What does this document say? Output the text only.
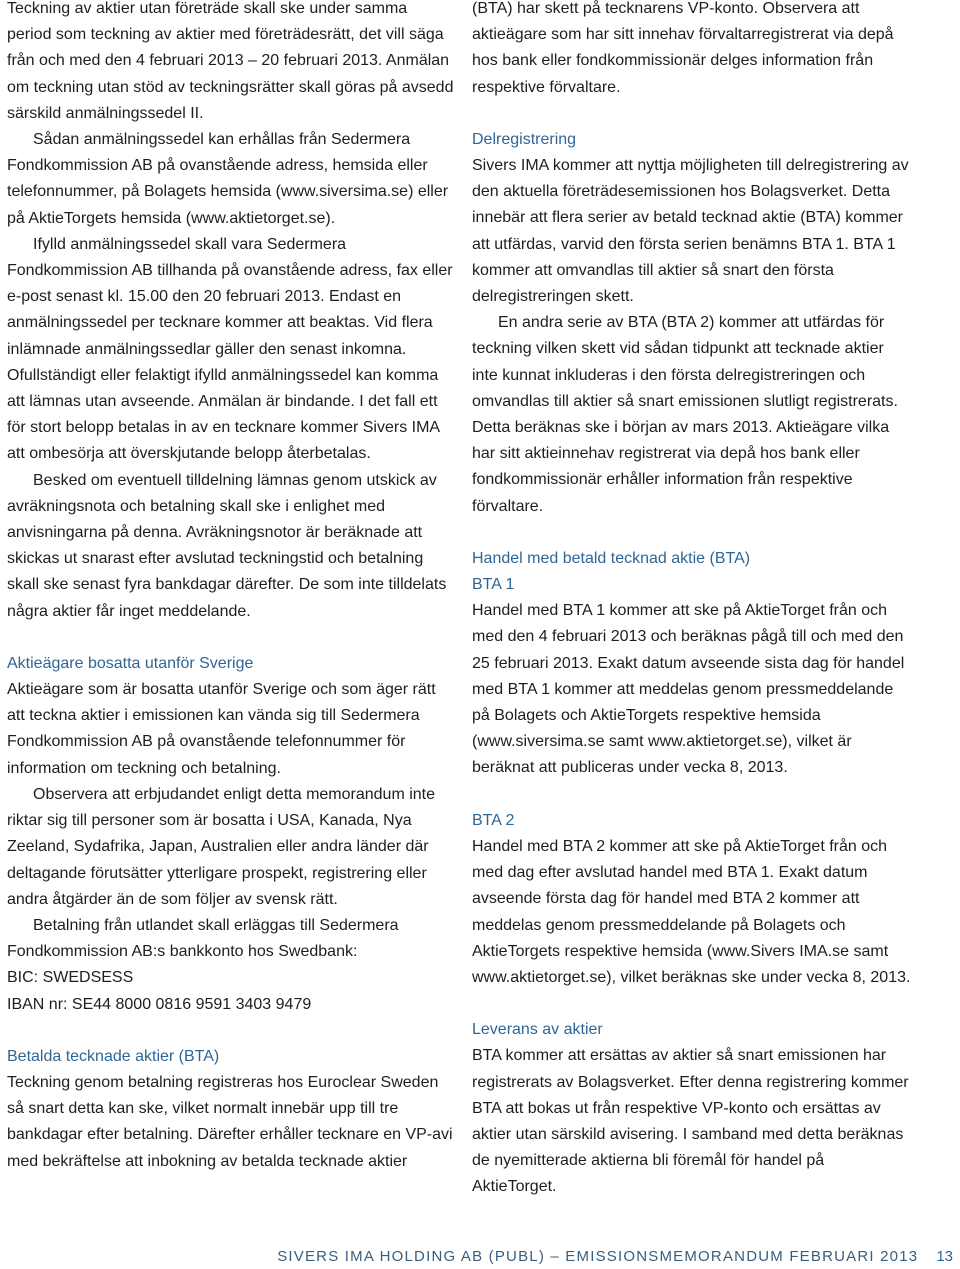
Teckning av aktier utan företräde skall ske under samma period som teckning av aktier med företrädesrätt, det vill säga från och med den 4 februari 2013 – 20 februari 2013. Anmälan om teckning utan stöd av teckningsrätter skall göras på avsedd särskild anmälningssedel II.

Sådan anmälningssedel kan erhållas från Sedermera Fondkommission AB på ovanstående adress, hemsida eller telefonnummer, på Bolagets hemsida (www.siversima.se) eller på AktieTorgets hemsida (www.aktietorget.se).

Ifylld anmälningssedel skall vara Sedermera Fondkommission AB tillhanda på ovanstående adress, fax eller e-post senast kl. 15.00 den 20 februari 2013. Endast en anmälningssedel per tecknare kommer att beaktas. Vid flera inlämnade anmälningssedlar gäller den senast inkomna. Ofullständigt eller felaktigt ifylld anmälningssedel kan komma att lämnas utan avseende. Anmälan är bindande. I det fall ett för stort belopp betalas in av en tecknare kommer Sivers IMA att ombesörja att överskjutande belopp återbetalas.

Besked om eventuell tilldelning lämnas genom utskick av avräkningsnota och betalning skall ske i enlighet med anvisningarna på denna. Avräkningsnotor är beräknade att skickas ut snarast efter avslutad teckningstid och betalning skall ske senast fyra bankdagar därefter. De som inte tilldelats några aktier får inget meddelande.

Aktieägare bosatta utanför Sverige

Aktieägare som är bosatta utanför Sverige och som äger rätt att teckna aktier i emissionen kan vända sig till Sedermera Fondkommission AB på ovanstående telefonnummer för information om teckning och betalning.

Observera att erbjudandet enligt detta memorandum inte riktar sig till personer som är bosatta i USA, Kanada, Nya Zeeland, Sydafrika, Japan, Australien eller andra länder där deltagande förutsätter ytterligare prospekt, registrering eller andra åtgärder än de som följer av svensk rätt.

Betalning från utlandet skall erläggas till Sedermera Fondkommission AB:s bankkonto hos Swedbank:

BIC: SWEDSESS

IBAN nr: SE44 8000 0816 9591 3403 9479

Betalda tecknade aktier (BTA)

Teckning genom betalning registreras hos Euroclear Sweden så snart detta kan ske, vilket normalt innebär upp till tre bankdagar efter betalning. Därefter erhåller tecknare en VP-avi med bekräftelse att inbokning av betalda tecknade aktier

(BTA) har skett på tecknarens VP-konto. Observera att aktieägare som har sitt innehav förvaltarregistrerat via depå hos bank eller fondkommissionär delges information från respektive förvaltare.

Delregistrering

Sivers IMA kommer att nyttja möjligheten till delregistrering av den aktuella företrädesemissionen hos Bolagsverket. Detta innebär att flera serier av betald tecknad aktie (BTA) kommer att utfärdas, varvid den första serien benämns BTA 1. BTA 1 kommer att omvandlas till aktier så snart den första delregistreringen skett.

En andra serie av BTA (BTA 2) kommer att utfärdas för teckning vilken skett vid sådan tidpunkt att tecknade aktier inte kunnat inkluderas i den första delregistreringen och omvandlas till aktier så snart emissionen slutligt registrerats. Detta beräknas ske i början av mars 2013. Aktieägare vilka har sitt aktieinnehav registrerat via depå hos bank eller fondkommissionär erhåller information från respektive förvaltare.

Handel med betald tecknad aktie (BTA)
BTA 1

Handel med BTA 1 kommer att ske på AktieTorget från och med den 4 februari 2013 och beräknas pågå till och med den 25 februari 2013. Exakt datum avseende sista dag för handel med BTA 1 kommer att meddelas genom pressmeddelande på Bolagets och AktieTorgets respektive hemsida (www.siversima.se samt www.aktietorget.se), vilket är beräknat att publiceras under vecka 8, 2013.

BTA 2

Handel med BTA 2 kommer att ske på AktieTorget från och med dag efter avslutad handel med BTA 1. Exakt datum avseende första dag för handel med BTA 2 kommer att meddelas genom pressmeddelande på Bolagets och AktieTorgets respektive hemsida (www.Sivers IMA.se samt www.aktietorget.se), vilket beräknas ske under vecka 8, 2013.

Leverans av aktier

BTA kommer att ersättas av aktier så snart emissionen har registrerats av Bolagsverket. Efter denna registrering kommer BTA att bokas ut från respektive VP-konto och ersättas av aktier utan särskild avisering. I samband med detta beräknas de nyemitterade aktierna bli föremål för handel på AktieTorget.

SIVERS IMA HOLDING AB (PUBL) – EMISSIONSMEMORANDUM FEBRUARI 2013 13
